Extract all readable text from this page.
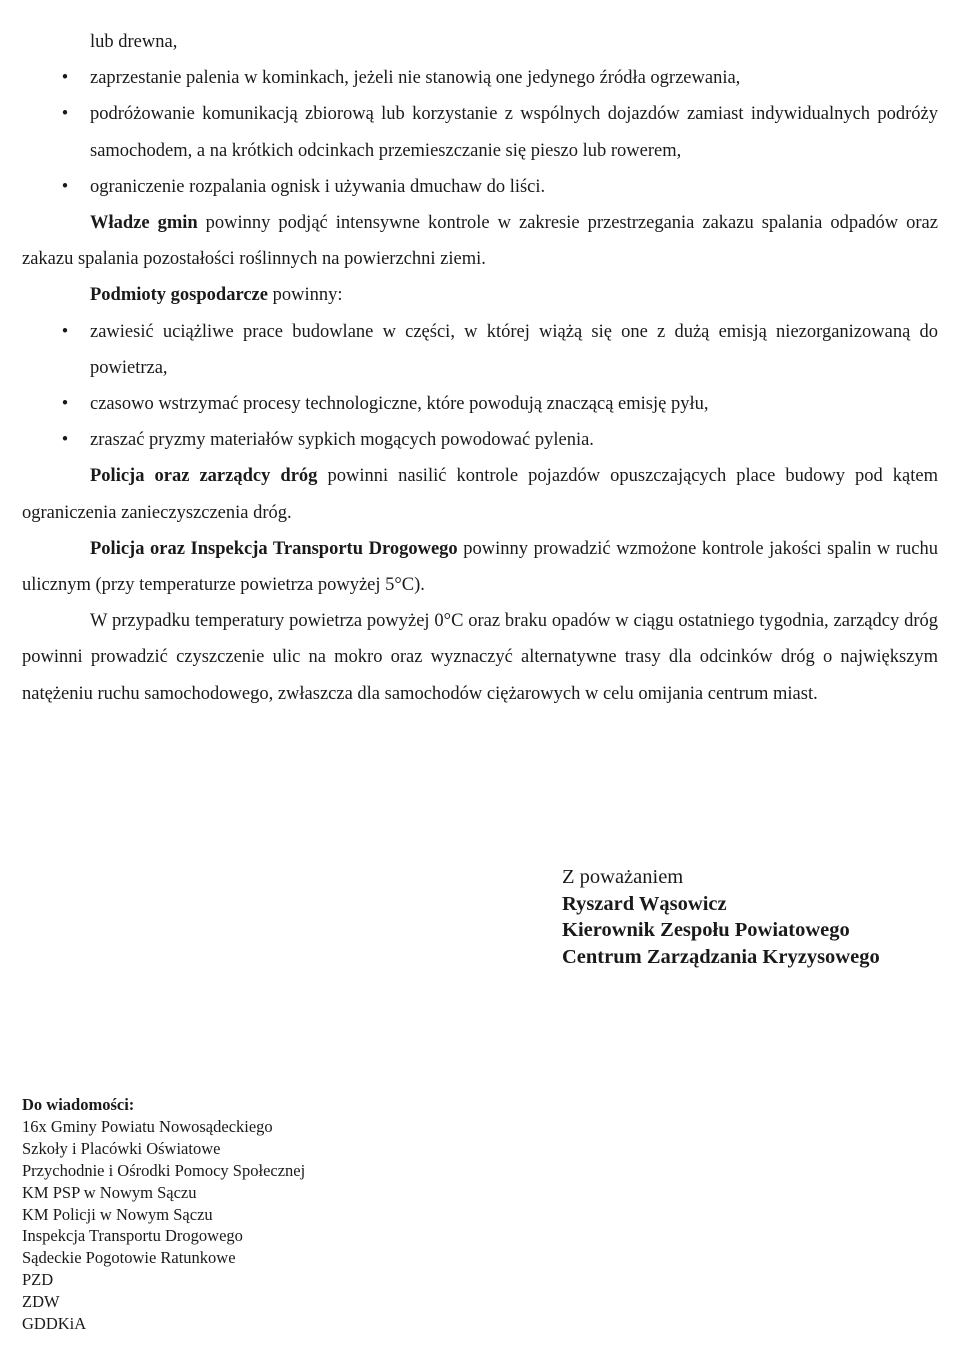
lub drewna,

•	zaprzestanie palenia w kominkach, jeżeli nie stanowią one jedynego źródła ogrzewania,

•	podróżowanie komunikacją zbiorową lub korzystanie z wspólnych dojazdów zamiast indywidualnych podróży samochodem, a na krótkich odcinkach przemieszczanie się pieszo lub rowerem,

•	ograniczenie rozpalania ognisk i używania dmuchaw do liści.

Władze gmin powinny podjąć intensywne kontrole w zakresie przestrzegania zakazu spalania odpadów oraz zakazu spalania pozostałości roślinnych na powierzchni ziemi.

Podmioty gospodarcze powinny:

•	zawiesić uciążliwe prace budowlane w części, w której wiążą się one z dużą emisją niezorganizowaną do powietrza,

•	czasowo wstrzymać procesy technologiczne, które powodują znaczącą emisję pyłu,

•	zraszać pryzmy materiałów sypkich mogących powodować pylenia.

Policja oraz zarządcy dróg powinni nasilić kontrole pojazdów opuszczających place budowy pod kątem ograniczenia zanieczyszczenia dróg.

Policja oraz Inspekcja Transportu Drogowego powinny prowadzić wzmożone kontrole jakości spalin w ruchu ulicznym (przy temperaturze powietrza powyżej 5°C).

W przypadku temperatury powietrza powyżej 0°C oraz braku opadów w ciągu ostatniego tygodnia, zarządcy dróg powinni prowadzić czyszczenie ulic na mokro oraz wyznaczyć alternatywne trasy dla odcinków dróg o największym natężeniu ruchu samochodowego, zwłaszcza dla samochodów ciężarowych w celu omijania centrum miast.

Z poważaniem
Ryszard Wąsowicz
Kierownik Zespołu Powiatowego
Centrum Zarządzania Kryzysowego
Do wiadomości:
16x Gminy Powiatu Nowosądeckiego
Szkoły i Placówki Oświatowe
Przychodnie i Ośrodki Pomocy Społecznej
KM PSP w Nowym Sączu
KM Policji w Nowym Sączu
Inspekcja Transportu Drogowego
Sądeckie Pogotowie Ratunkowe
PZD
ZDW
GDDKiA
